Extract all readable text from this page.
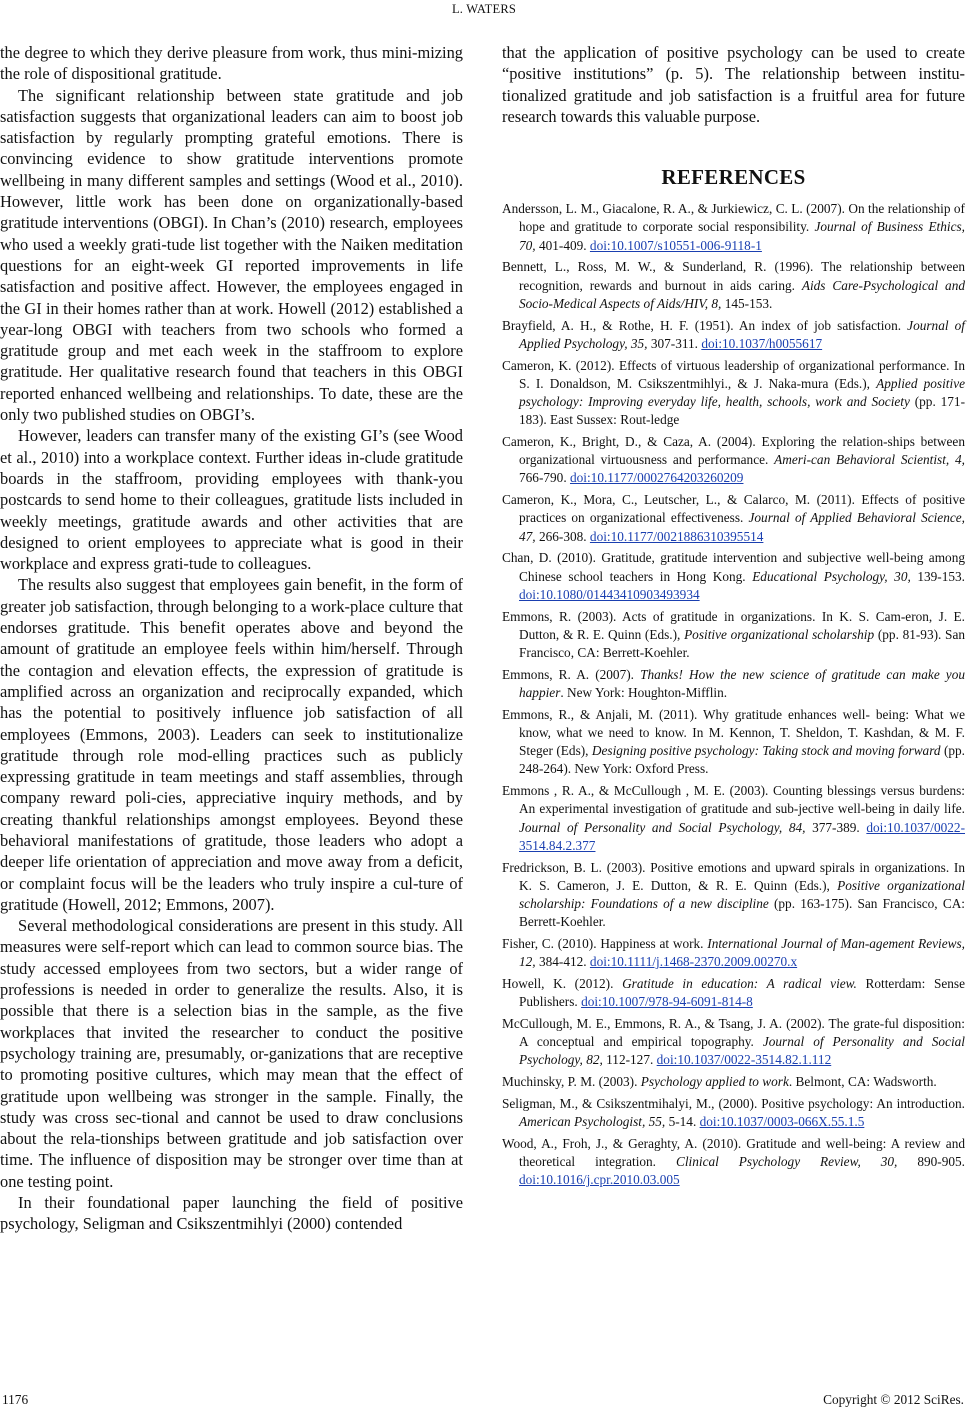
L. WATERS

the degree to which they derive pleasure from work, thus mini-mizing the role of dispositional gratitude.

The significant relationship between state gratitude and job satisfaction suggests that organizational leaders can aim to boost job satisfaction by regularly prompting grateful emotions. There is convincing evidence to show gratitude interventions promote wellbeing in many different samples and settings (Wood et al., 2010). However, little work has been done on organizationally-based gratitude interventions (OBGI). In Chan’s (2010) research, employees who used a weekly grati-tude list together with the Naiken meditation questions for an eight-week GI reported improvements in life satisfaction and positive affect. However, the employees engaged in the GI in their homes rather than at work. Howell (2012) established a year-long OBGI with teachers from two schools who formed a gratitude group and met each week in the staffroom to explore gratitude. Her qualitative research found that teachers in this OBGI reported enhanced wellbeing and relationships. To date, these are the only two published studies on OBGI’s.

However, leaders can transfer many of the existing GI’s (see Wood et al., 2010) into a workplace context. Further ideas in-clude gratitude boards in the staffroom, providing employees with thank-you postcards to send home to their colleagues, gratitude lists included in weekly meetings, gratitude awards and other activities that are designed to orient employees to appreciate what is good in their workplace and express grati-tude to colleagues.

The results also suggest that employees gain benefit, in the form of greater job satisfaction, through belonging to a work-place culture that endorses gratitude. This benefit operates above and beyond the amount of gratitude an employee feels within him/herself. Through the contagion and elevation effects, the expression of gratitude is amplified across an organization and reciprocally expanded, which has the potential to positively influence job satisfaction of all employees (Emmons, 2003). Leaders can seek to institutionalize gratitude through role mod-elling practices such as publicly expressing gratitude in team meetings and staff assemblies, through company reward poli-cies, appreciative inquiry methods, and by creating thankful relationships amongst employees. Beyond these behavioral manifestations of gratitude, those leaders who adopt a deeper life orientation of appreciation and move away from a deficit, or complaint focus will be the leaders who truly inspire a cul-ture of gratitude (Howell, 2012; Emmons, 2007).

Several methodological considerations are present in this study. All measures were self-report which can lead to common source bias. The study accessed employees from two sectors, but a wider range of professions is needed in order to generalize the results. Also, it is possible that there is a selection bias in the sample, as the five workplaces that invited the researcher to conduct the positive psychology training are, presumably, or-ganizations that are receptive to promoting positive cultures, which may mean that the effect of gratitude upon wellbeing was stronger in the sample. Finally, the study was cross sec-tional and cannot be used to draw conclusions about the rela-tionships between gratitude and job satisfaction over time. The influence of disposition may be stronger over time than at one testing point.

In their foundational paper launching the field of positive psychology, Seligman and Csikszentmihlyi (2000) contended

that the application of positive psychology can be used to create “positive institutions” (p. 5). The relationship between institu-tionalized gratitude and job satisfaction is a fruitful area for future research towards this valuable purpose.

REFERENCES

Andersson, L. M., Giacalone, R. A., & Jurkiewicz, C. L. (2007). On the relationship of hope and gratitude to corporate social responsibility. Journal of Business Ethics, 70, 401-409. doi:10.1007/s10551-006-9118-1

Bennett, L., Ross, M. W., & Sunderland, R. (1996). The relationship between recognition, rewards and burnout in aids caring. Aids Care-Psychological and Socio-Medical Aspects of Aids/HIV, 8, 145-153.

Brayfield, A. H., & Rothe, H. F. (1951). An index of job satisfaction. Journal of Applied Psychology, 35, 307-311. doi:10.1037/h0055617

Cameron, K. (2012). Effects of virtuous leadership of organizational performance. In S. I. Donaldson, M. Csikszentmihlyi., & J. Naka-mura (Eds.), Applied positive psychology: Improving everyday life, health, schools, work and Society (pp. 171-183). East Sussex: Rout-ledge

Cameron, K., Bright, D., & Caza, A. (2004). Exploring the relation-ships between organizational virtuousness and performance. Ameri-can Behavioral Scientist, 4, 766-790. doi:10.1177/0002764203260209

Cameron, K., Mora, C., Leutscher, L., & Calarco, M. (2011). Effects of positive practices on organizational effectiveness. Journal of Applied Behavioral Science, 47, 266-308. doi:10.1177/0021886310395514

Chan, D. (2010). Gratitude, gratitude intervention and subjective well-being among Chinese school teachers in Hong Kong. Educational Psychology, 30, 139-153. doi:10.1080/01443410903493934

Emmons, R. (2003). Acts of gratitude in organizations. In K. S. Cam-eron, J. E. Dutton, & R. E. Quinn (Eds.), Positive organizational scholarship (pp. 81-93). San Francisco, CA: Berrett-Koehler.

Emmons, R. A. (2007). Thanks! How the new science of gratitude can make you happier. New York: Houghton-Mifflin.

Emmons, R., & Anjali, M. (2011). Why gratitude enhances well- being: What we know, what we need to know. In M. Kennon, T. Sheldon, T. Kashdan, & M. F. Steger (Eds), Designing positive psychology: Taking stock and moving forward (pp. 248-264). New York: Oxford Press.

Emmons , R. A., & McCullough , M. E. (2003). Counting blessings versus burdens: An experimental investigation of gratitude and sub-jective well-being in daily life. Journal of Personality and Social Psychology, 84, 377-389. doi:10.1037/0022-3514.84.2.377

Fredrickson, B. L. (2003). Positive emotions and upward spirals in organizations. In K. S. Cameron, J. E. Dutton, & R. E. Quinn (Eds.), Positive organizational scholarship: Foundations of a new discipline (pp. 163-175). San Francisco, CA: Berrett-Koehler.

Fisher, C. (2010). Happiness at work. International Journal of Man-agement Reviews, 12, 384-412. doi:10.1111/j.1468-2370.2009.00270.x

Howell, K. (2012). Gratitude in education: A radical view. Rotterdam: Sense Publishers. doi:10.1007/978-94-6091-814-8

McCullough, M. E., Emmons, R. A., & Tsang, J. A. (2002). The grate-ful disposition: A conceptual and empirical topography. Journal of Personality and Social Psychology, 82, 112-127. doi:10.1037/0022-3514.82.1.112

Muchinsky, P. M. (2003). Psychology applied to work. Belmont, CA: Wadsworth.

Seligman, M., & Csikszentmihalyi, M., (2000). Positive psychology: An introduction. American Psychologist, 55, 5-14. doi:10.1037/0003-066X.55.1.5

Wood, A., Froh, J., & Geraghty, A. (2010). Gratitude and well-being: A review and theoretical integration. Clinical Psychology Review, 30, 890-905. doi:10.1016/j.cpr.2010.03.005

1176	Copyright © 2012 SciRes.
